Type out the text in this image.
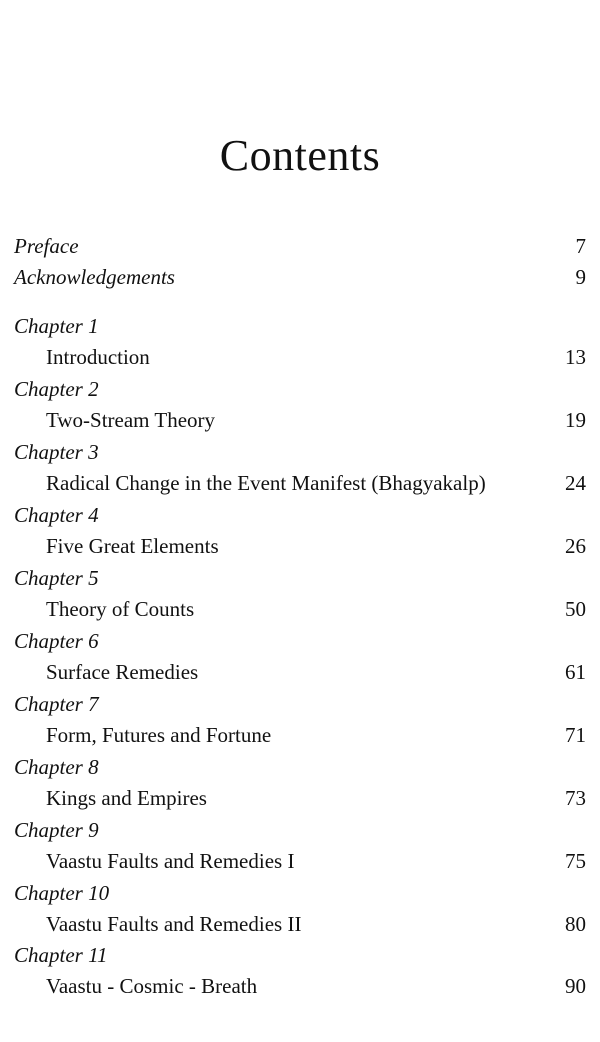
Contents
Preface	7
Acknowledgements	9
Chapter 1
Introduction	13
Chapter 2
Two-Stream Theory	19
Chapter 3
Radical Change in the Event Manifest (Bhagyakalp)	24
Chapter 4
Five Great Elements	26
Chapter 5
Theory of Counts	50
Chapter 6
Surface Remedies	61
Chapter 7
Form, Futures and Fortune	71
Chapter 8
Kings and Empires	73
Chapter 9
Vaastu Faults and Remedies I	75
Chapter 10
Vaastu Faults and Remedies II	80
Chapter 11
Vaastu - Cosmic - Breath	90
